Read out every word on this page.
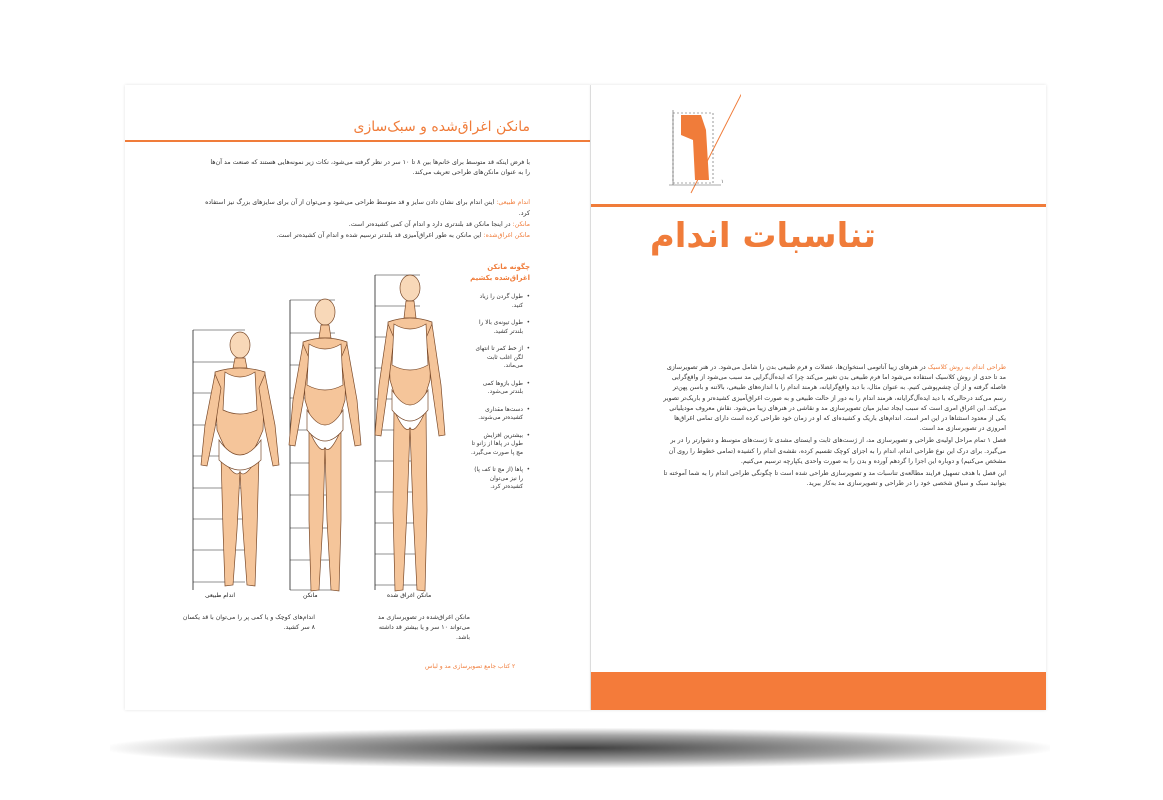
مانکن اغراق‌شده و سبک‌سازی
با فرض اینکه قد متوسط برای خانم‌ها بین ۸ تا ۱۰ سر در نظر گرفته می‌شود، نکات زیر نمونه‌هایی هستند که صنعت مد آن‌ها را به عنوان مانکن‌های طراحی تعریف می‌کند.
اندام طبیعی: اینن اندام برای نشان دادن سایز و قد متوسط طراحی می‌شود و می‌توان از آن برای سایزهای بزرگ نیز استفاده کرد.
مانکن: در اینجا مانکن قد بلندتری دارد و اندام آن کمی کشیده‌تر است.
مانکن اغراق‌شده: این مانکن به طور اغراق‌آمیزی قد بلندتر ترسیم شده و اندام آن کشیده‌تر است.
چگونه مانکن اغراق‌شده بکشیم
• طول گردن را زیاد کنید.
• طول تیونه‌ی بالا را بلندتر کشید.
• از خط کمر تا انتهای لگن اغلب ثابت می‌ماند.
• طول بازوها کمی بلندتر می‌شود.
• دست‌ها مقداری کشیده‌تر می‌شوند.
• بیشترین افزایش طول در پاها از زانو تا مچ پا صورت می‌گیرد.
• پاها (از مچ تا کف پا) را نیز می‌توان کشیده‌تر کرد.
اندام طبیعی	مانکن	مانکن اغراق شده
اندام‌های کوچک و یا کمی پر را می‌توان با قد یکسان ۸ سر کشید.
مانکن اغراق‌شده در تصویرسازی مد می‌تواند ۱۰ سر و یا بیشتر قد داشته باشد.
۲ کتاب جامع تصویرسازی مد و لباس
۱
تناسبات اندام

طراحی اندام به روش کلاسیک در هنرهای زیبا آناتومی استخوان‌ها، عضلات و فرم طبیعی بدن را شامل می‌شود. در هنر تصویرسازی مد تا حدی از روش کلاسیک استفاده می‌شود اما فرم طبیعی بدن تغییر می‌کند چرا که ایده‌آل‌گرایی مد سبب می‌شود از واقع‌گرایی فاصله گرفته و از آن چشم‌پوشی کنیم. به عنوان مثال، با دید واقع‌گرایانه، هرمند اندام را با اندازه‌های طبیعی، بالاتنه و باسن پهن‌تر رسم می‌کند درحالی‌که با دید ایده‌آل‌گرایانه، هرمند اندام را به دور از حالت طبیعی و به صورت اغراق‌آمیزی کشیده‌تر و باریک‌تر تصویر می‌کند. این اغراق امری است که سبب ایجاد تمایز میان تصویرسازی مد و نقاشی در هنرهای زیبا می‌شود. نقاش معروف مودیلیانی یکی از معدود استثناها در این امر است. اندام‌های باریک و کشیده‌ای که او در زمان خود طراحی کرده است دارای تمامی اغراق‌ها امروزی در تصویرسازی مد است.

فصل ۱ تمام مراحل اولیه‌ی طراحی و تصویرسازی مد، از ژست‌های ثابت و ایستای مشدی تا ژست‌های متوسط و دشوارتر را در بر می‌گیرد. برای درک این نوع طراحی اندام، اندام را به اجزای کوچک تقسیم کرده، نقشه‌ی اندام را کشیده (تمامی خطوط را روی آن مشخص می‌کنیم) و دوباره این اجزا را گردهم آورده و بدن را به صورت واحدی یکپارچه ترسیم می‌کنیم.

این فصل با هدف تسهیل فرایند مطالعه‌ی تناسبات مد و تصویرسازی طراحی شده است تا چگونگی طراحی اندام را به شما آموخته تا بتوانید سبک و سیاق شخصی خود را در طراحی و تصویرسازی مد به‌کار ببرید.
